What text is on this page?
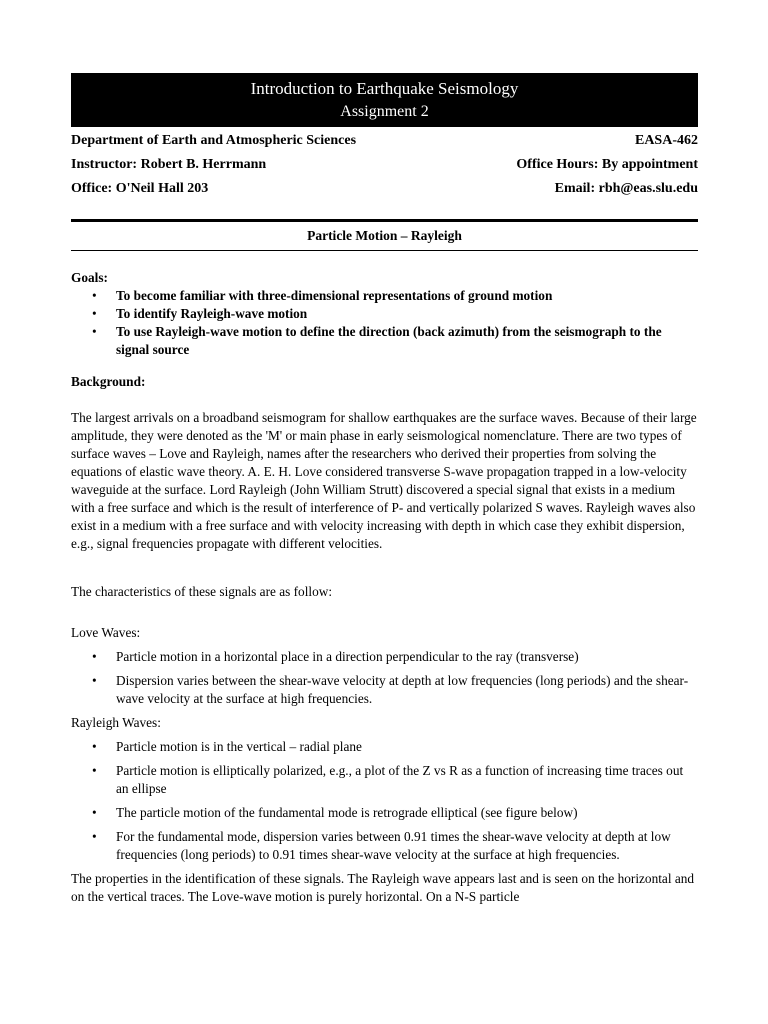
Introduction to Earthquake Seismology
Assignment 2
Department of Earth and Atmospheric Sciences	EASA-462
Instructor: Robert B. Herrmann	Office Hours: By appointment
Office: O'Neil Hall 203	Email: rbh@eas.slu.edu
Particle Motion – Rayleigh
Goals:
• To become familiar with three-dimensional representations of ground motion
• To identify Rayleigh-wave motion
• To use Rayleigh-wave motion to define the direction (back azimuth) from the seismograph to the signal source
Background:
The largest arrivals on a broadband seismogram for shallow earthquakes are the surface waves. Because of their large amplitude, they were denoted as the 'M' or main phase in early seismological nomenclature. There are two types of surface waves – Love and Rayleigh, names after the researchers who derived their properties from solving the equations of elastic wave theory. A. E. H. Love considered transverse S-wave propagation trapped in a low-velocity waveguide at the surface. Lord Rayleigh (John William Strutt) discovered a special signal that exists in a medium with a free surface and which is the result of interference of P- and vertically polarized S waves. Rayleigh waves also exist in a medium with a free surface and with velocity increasing with depth in which case they exhibit dispersion, e.g., signal frequencies propagate with different velocities.
The characteristics of these signals are as follow:
Love Waves:
• Particle motion in a horizontal place in a direction perpendicular to the ray (transverse)
• Dispersion varies between the shear-wave velocity at depth at low frequencies (long periods) and the shear-wave velocity at the surface at high frequencies.
Rayleigh Waves:
• Particle motion is in the vertical – radial plane
• Particle motion is elliptically polarized, e.g., a plot of the Z vs R as a function of increasing time traces out an ellipse
• The particle motion of the fundamental mode is retrograde elliptical (see figure below)
• For the fundamental mode, dispersion varies between 0.91 times the shear-wave velocity at depth at low frequencies (long periods) to 0.91 times shear-wave velocity at the surface at high frequencies.
The properties in the identification of these signals. The Rayleigh wave appears last and is seen on the horizontal and on the vertical traces. The Love-wave motion is purely horizontal. On a N-S particle
